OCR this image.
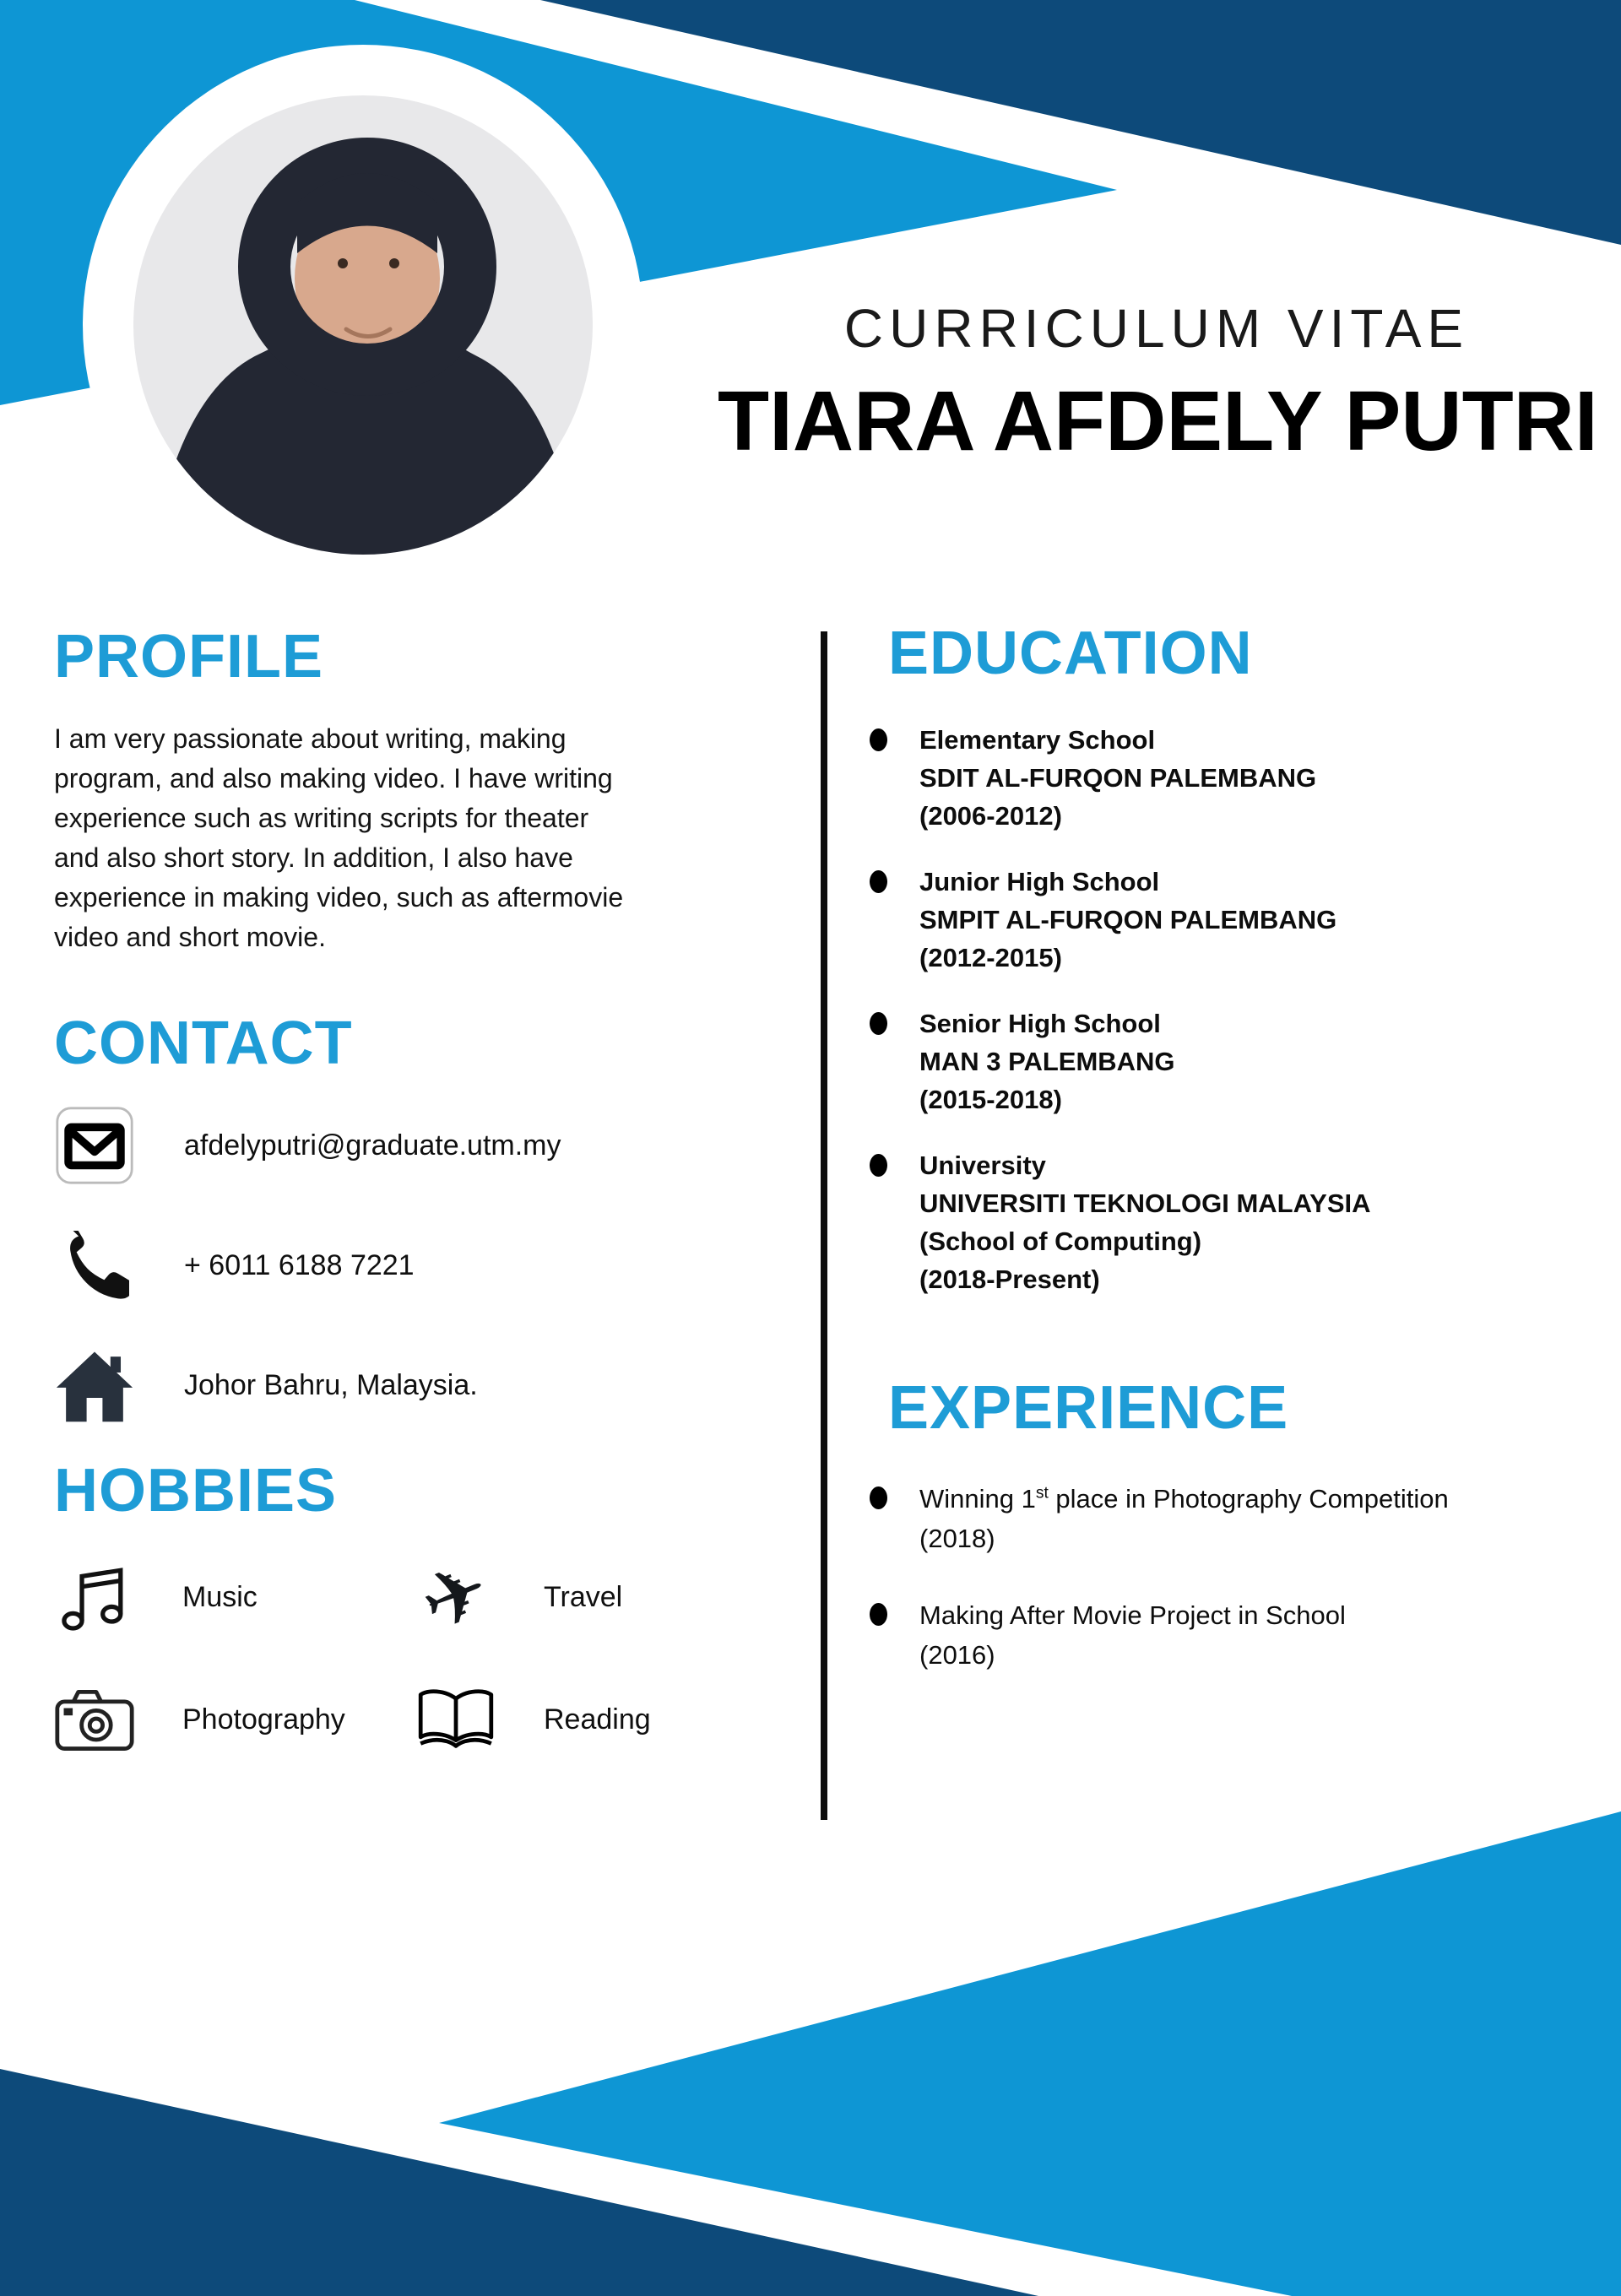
CURRICULUM VITAE
TIARA AFDELY PUTRI
PROFILE
I am very passionate about writing, making
program, and also making video. I have writing
experience such as writing scripts for theater
and also short story. In addition, I also have
experience in making video, such as aftermovie
video and short movie.
CONTACT
afdelyputri@graduate.utm.my
+ 6011 6188 7221
Johor Bahru, Malaysia.
HOBBIES
Music ✈ Travel
Photography	Reading
EDUCATION
Elementary School
SDIT AL-FURQON PALEMBANG
(2006-2012)
Junior High School
SMPIT AL-FURQON PALEMBANG
(2012-2015)
Senior High School
MAN 3 PALEMBANG
(2015-2018)
University
UNIVERSITI TEKNOLOGI MALAYSIA
(School of Computing)
(2018-Present)
EXPERIENCE
Winning 1st place in Photography Competition
(2018)
Making After Movie Project in School
(2016)
